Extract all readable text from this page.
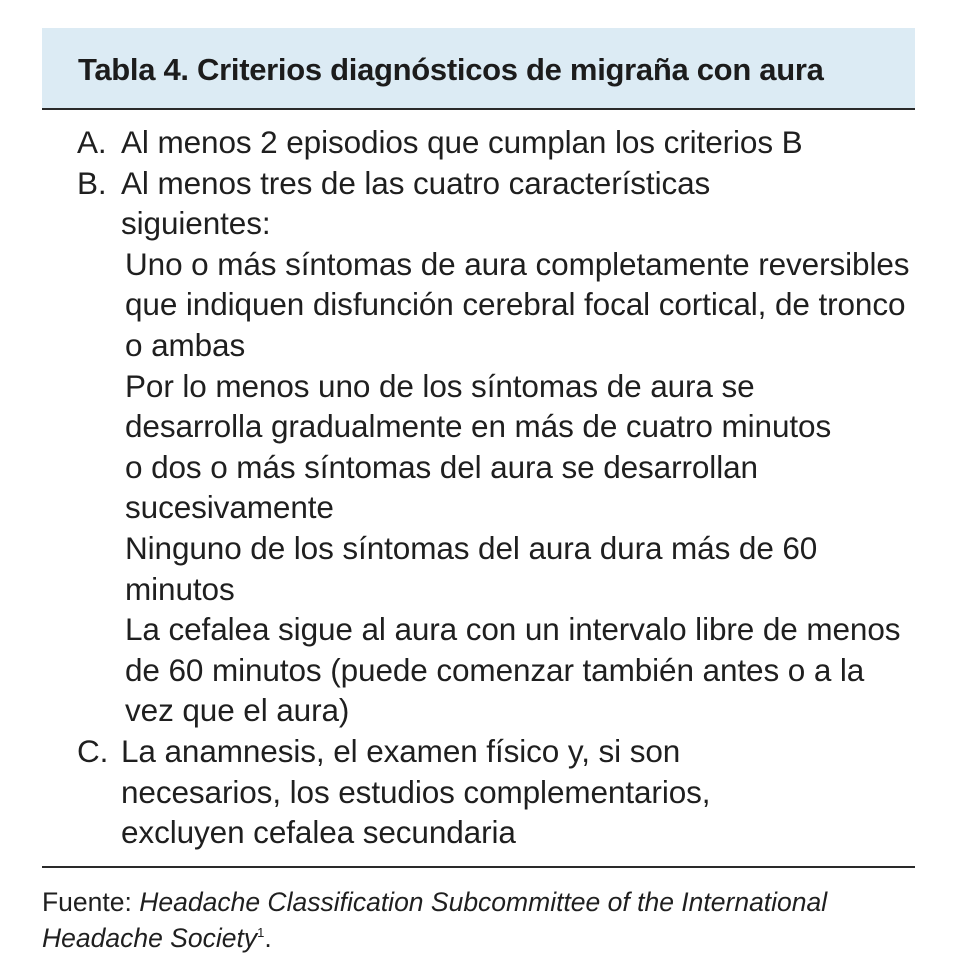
Tabla 4. Criterios diagnósticos de migraña con aura
A. Al menos 2 episodios que cumplan los criterios B
B. Al menos tres de las cuatro características siguientes:
Uno o más síntomas de aura completamente reversibles que indiquen disfunción cerebral focal cortical, de tronco o ambas
Por lo menos uno de los síntomas de aura se desarrolla gradualmente en más de cuatro minutos o dos o más síntomas del aura se desarrollan sucesivamente
Ninguno de los síntomas del aura dura más de 60 minutos
La cefalea sigue al aura con un intervalo libre de menos de 60 minutos (puede comenzar también antes o a la vez que el aura)
C. La anamnesis, el examen físico y, si son necesarios, los estudios complementarios, excluyen cefalea secundaria
Fuente: Headache Classification Subcommittee of the International Headache Society$^1$.
